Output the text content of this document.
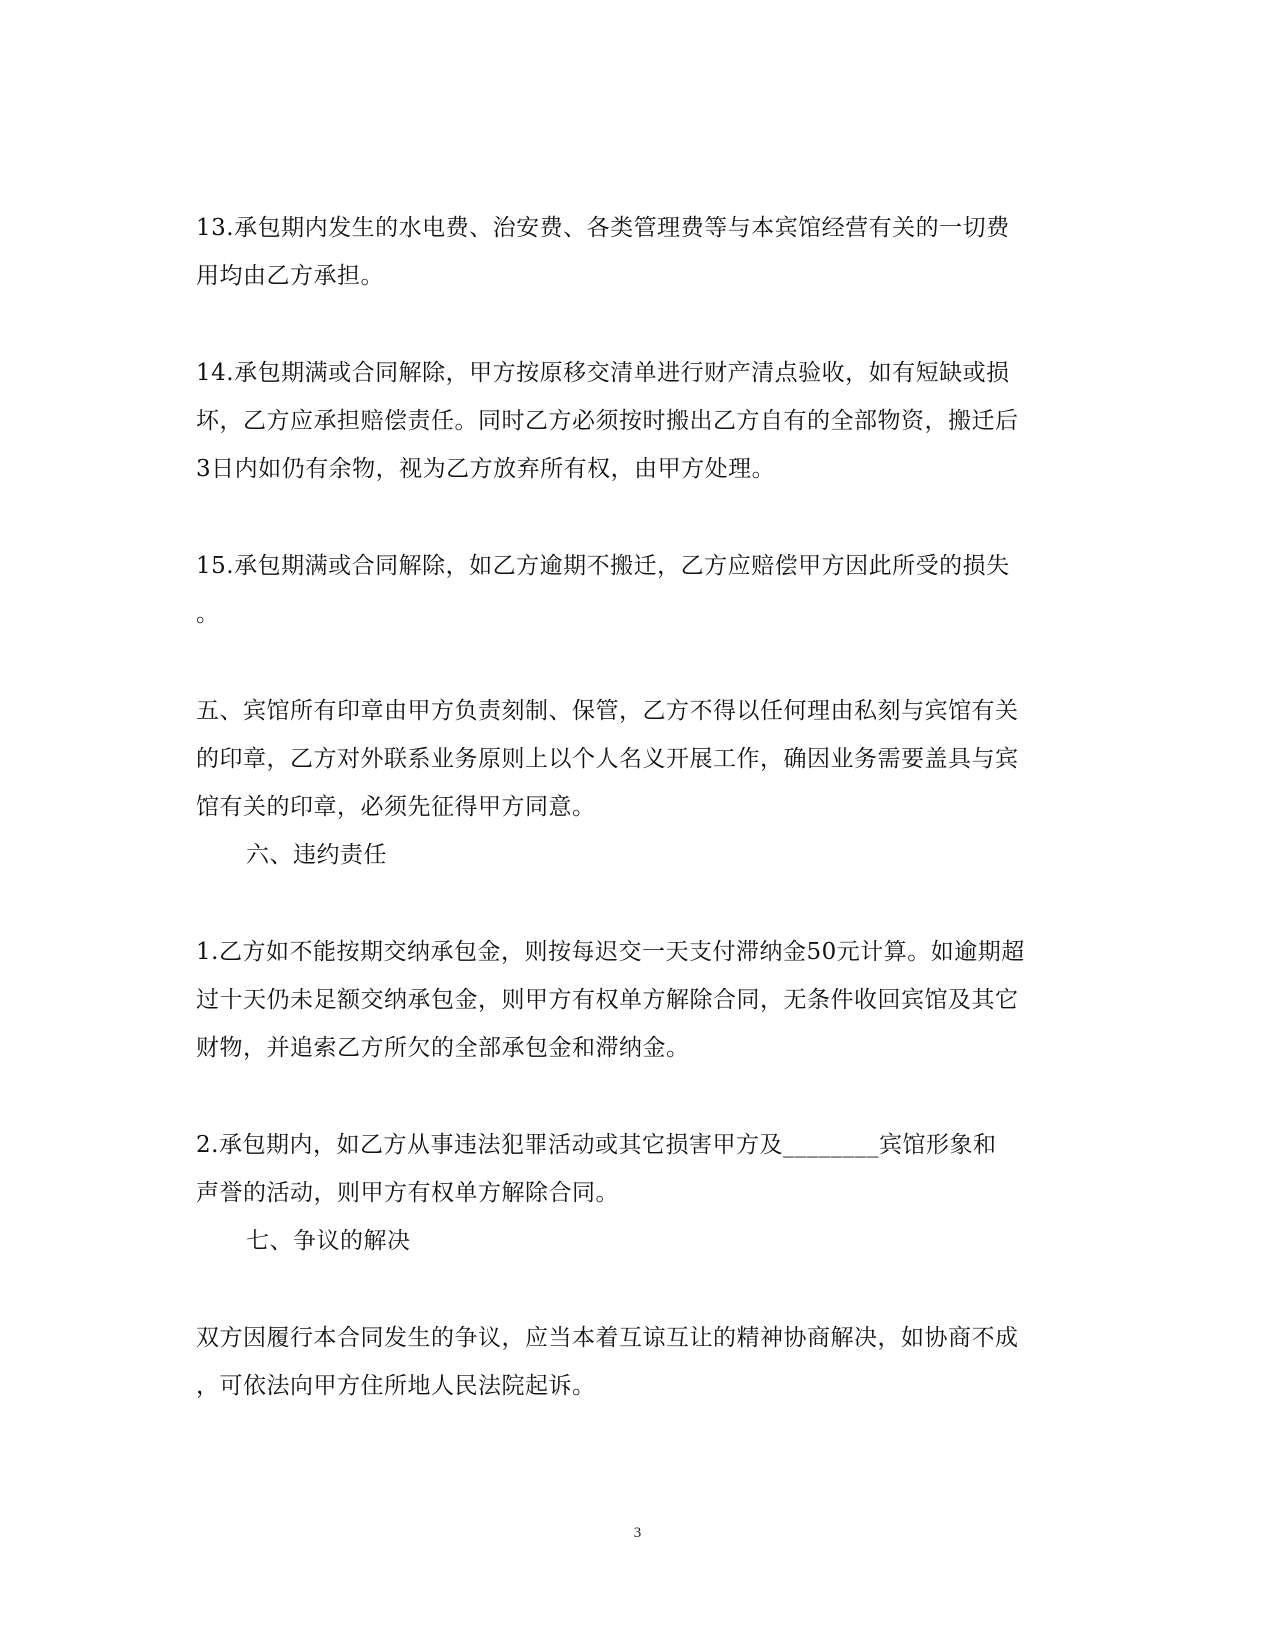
13.承包期内发生的水电费、治安费、各类管理费等与本宾馆经营有关的一切费
用均由乙方承担。
14.承包期满或合同解除，甲方按原移交清单进行财产清点验收，如有短缺或损
坏，乙方应承担赔偿责任。同时乙方必须按时搬出乙方自有的全部物资，搬迁后
3日内如仍有余物，视为乙方放弃所有权，由甲方处理。
15.承包期满或合同解除，如乙方逾期不搬迁，乙方应赔偿甲方因此所受的损失
。
五、宾馆所有印章由甲方负责刻制、保管，乙方不得以任何理由私刻与宾馆有关
的印章，乙方对外联系业务原则上以个人名义开展工作，确因业务需要盖具与宾
馆有关的印章，必须先征得甲方同意。
六、违约责任
1.乙方如不能按期交纳承包金，则按每迟交一天支付滞纳金50元计算。如逾期超
过十天仍未足额交纳承包金，则甲方有权单方解除合同，无条件收回宾馆及其它
财物，并追索乙方所欠的全部承包金和滞纳金。
2.承包期内，如乙方从事违法犯罪活动或其它损害甲方及________宾馆形象和
声誉的活动，则甲方有权单方解除合同。
七、争议的解决
双方因履行本合同发生的争议，应当本着互谅互让的精神协商解决，如协商不成
，可依法向甲方住所地人民法院起诉。
3
